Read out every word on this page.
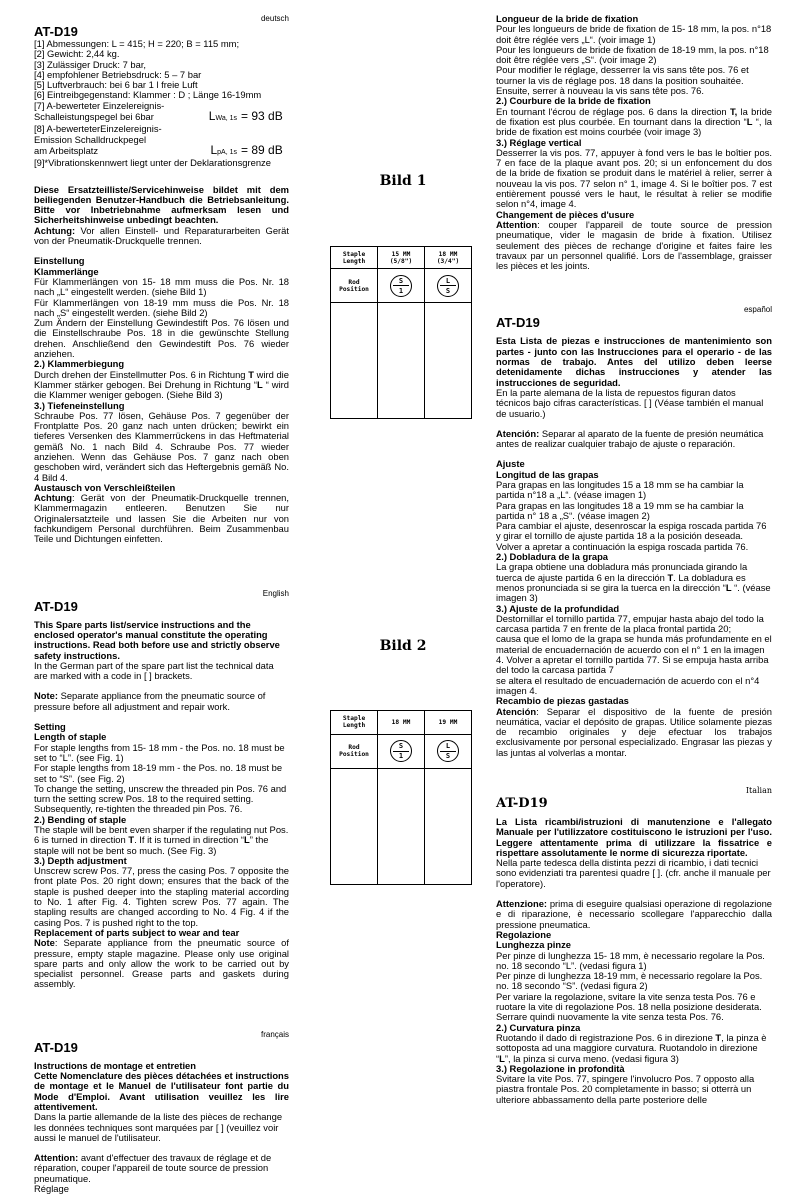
deutsch
AT-D19

[1] Abmessungen: L = 415; H = 220; B = 115 mm;

[2] Gewicht: 2,44 kg.

[3] Zulässiger Druck: 7 bar,

[4] empfohlener Betriebsdruck: 5 – 7 bar

[5] Luftverbrauch: bei 6 bar 1 l freie Luft

[6] Eintreibgegenstand: Klammer : D ; Länge 16-19mm

[7] A-bewerteter Einzelereignis-

Schalleistungspegel bei 6bar	$L_{Wa, 1s} = 93$ dB

[8] A-bewerteterEinzelereignis-

Emission Schalldruckpegel

am Arbeitsplatz	$L_{pA, 1s} = 89$ dB

[9]*Vibrationskennwert liegt unter der Deklarationsgrenze

Diese Ersatzteilliste/Servicehinweise bildet mit dem beiliegenden Benutzer-Handbuch die Betriebsanleitung. Bitte vor Inbetriebnahme aufmerksam lesen und Sicherheitshinweise unbedingt beachten.

Achtung: Vor allen Einstell- und Reparaturarbeiten Gerät von der Pneumatik-Druckquelle trennen.

Einstellung

Klammerlänge

Für Klammerlängen von 15- 18 mm muss die Pos. Nr. 18 nach „L“ eingestellt werden. (siehe Bild 1)

Für Klammerlängen von 18-19 mm muss die Pos. Nr. 18 nach „S“ eingestellt werden. (siehe Bild 2)

Zum Ändern der Einstellung Gewindestift Pos. 76 lösen und die Einstellschraube Pos. 18 in die gewünschte Stellung drehen. Anschließend den Gewindestift Pos. 76 wieder anziehen.

2.) Klammerbiegung

Durch drehen der Einstellmutter Pos. 6 in Richtung T wird die Klammer stärker gebogen. Bei Drehung in Richtung “L “ wird die Klammer weniger gebogen. (Siehe Bild 3)

3.) Tiefeneinstellung

Schraube Pos. 77 lösen, Gehäuse Pos. 7 gegenüber der Frontplatte Pos. 20 ganz nach unten drücken; bewirkt ein tieferes Versenken des Klammerrückens in das Heftmaterial gemäß No. 1 nach Bild 4. Schraube Pos. 77 wieder anziehen. Wenn das Gehäuse Pos. 7 ganz nach oben geschoben wird, verändert sich das Heftergebnis gemäß No. 4 Bild 4.

Austausch von Verschleißteilen

Achtung: Gerät von der Pneumatik-Druckquelle trennen, Klammermagazin entleeren. Benutzen Sie nur Originalersatzteile und lassen Sie die Arbeiten nur von fachkundigem Personal durchführen. Beim Zusammenbau Teile und Dichtungen einfetten.

English
AT-D19

This Spare parts list/service instructions and the enclosed operator's manual constitute the operating instructions. Read both before use and strictly observe safety instructions.

In the German part of the spare part list the technical data are marked with a code in [ ] brackets.

Note: Separate appliance from the pneumatic source of pressure before all adjustment and repair work.

Setting

Length of staple

For staple lengths from 15- 18 mm - the Pos. no. 18 must be set to “L”. (see Fig. 1)

For staple lengths from 18-19 mm - the Pos. no. 18 must be set to “S”. (see Fig. 2)

To change the setting, unscrew the threaded pin Pos. 76 and turn the setting screw Pos. 18 to the required setting. Subsequently, re-tighten the threaded pin Pos. 76.

2.) Bending of staple

The staple will be bent even sharper if the regulating nut Pos. 6 is turned in direction T. If it is turned in direction “L” the staple will not be bent so much. (See Fig. 3)

3.) Depth adjustment

Unscrew screw Pos. 77, press the casing Pos. 7 opposite the front plate Pos. 20 right down; ensures that the back of the staple is pushed deeper into the stapling material according to No. 1 after Fig. 4. Tighten screw Pos. 77 again. The stapling results are changed according to No. 4 Fig. 4 if the casing Pos. 7 is pushed right to the top.

Replacement of parts subject to wear and tear

Note: Separate appliance from the pneumatic source of pressure, empty staple magazine. Please only use original spare parts and only allow the work to be carried out by specialist personnel. Grease parts and gaskets during assembly.

français
AT-D19

Instructions de montage et entretien

Cette Nomenclature des pièces détachées et instructions de montage et le Manuel de l'utilisateur font partie du Mode d'Emploi. Avant utilisation veuillez les lire attentivement.

Dans la partie allemande de la liste des pièces de rechange les données techniques sont marquées par [ ] (veuillez voir aussi le manuel de l'utilisateur.

Attention: avant d'effectuer des travaux de réglage et de réparation, couper l'appareil de toute source de pression pneumatique.

Réglage

Bild 1
Staple Length	15 MM (5/8")	18 MM (3/4")
Rod Position	$\frac{S}{1}$	$\frac{L}{S}$

Bild 2
Staple Length	18 MM	19 MM
Rod Position	$\frac{S}{1}$	$\frac{L}{S}$

Longueur de la bride de fixation

Pour les longueurs de bride de fixation de 15- 18 mm, la pos. n°18 doit être réglée vers „L“. (voir image 1)

Pour les longueurs de bride de fixation de 18-19 mm, la pos. n°18 doit être réglée vers „S“. (voir image 2)

Pour modifier le réglage, desserrer la vis sans tête pos. 76 et tourner la vis de réglage pos. 18 dans la position souhaitée. Ensuite, serrer à nouveau la vis sans tête pos. 76.

2.) Courbure de la bride de fixation

En tournant l'écrou de réglage pos. 6 dans la direction T, la bride de fixation est plus courbée. En tournant dans la direction “L “, la bride de fixation est moins courbée (voir image 3)

3.) Réglage vertical

Desserrer la vis pos. 77, appuyer à fond vers le bas le boîtier pos. 7 en face de la plaque avant pos. 20; si un enfoncement du dos de la bride de fixation se produit dans le matériel à relier, serrer à nouveau la vis pos. 77 selon n° 1, image 4. Si le boîtier pos. 7 est entièrement poussé vers le haut, le résultat à relier se modifie selon n°4, image 4.

Changement de pièces d'usure

Attention: couper l'appareil de toute source de pression pneumatique, vider le magasin de bride à fixation. Utilisez seulement des pièces de rechange d'origine et faites faire les travaux par un personnel qualifié. Lors de l'assemblage, graisser les pièces et les joints.

español
AT-D19

Esta Lista de piezas e instrucciones de mantenimiento son partes - junto con las Instrucciones para el operario - de las normas de trabajo. Antes del utilizo deben leerse detenidamente dichas instrucciones y atender las instrucciones de seguridad.

En la parte alemana de la lista de repuestos figuran datos técnicos bajo cifras características. [ ] (Véase también el manual de usuario.)

Atención: Separar al aparato de la fuente de presión neumática antes de realizar cualquier trabajo de ajuste o reparación.

Ajuste

Longitud de las grapas

Para grapas en las longitudes 15 a 18 mm se ha cambiar la partida n°18 a „L“. (véase imagen 1)

Para grapas en las longitudes 18 a 19 mm se ha cambiar la partida n° 18 a „S“. (véase imagen 2)

Para cambiar el ajuste, desenroscar la espiga roscada partida 76 y girar el tornillo de ajuste partida 18 a la posición deseada.

Volver a apretar a continuación la espiga roscada partida 76.

2.) Dobladura de la grapa

La grapa obtiene una dobladura más pronunciada girando la tuerca de ajuste partida 6 en la dirección T. La dobladura es menos pronunciada si se gira la tuerca en la dirección “L “. (véase imagen 3)

3.) Ajuste de la profundidad

Destornillar el tornillo partida 77, empujar hasta abajo del todo la carcasa partida 7 en frente de la placa frontal partida 20;

causa que el lomo de la grapa se hunda más profundamente en el material de encuadernación de acuerdo con el n° 1 en la imagen 4. Volver a apretar el tornillo partida 77. Si se empuja hasta arriba del todo la carcasa partida 7

se altera el resultado de encuadernación de acuerdo con el n°4 imagen 4.

Recambio de piezas gastadas

Atención: Separar el dispositivo de la fuente de presión neumática, vaciar el depósito de grapas. Utilice solamente piezas de recambio originales y deje efectuar los trabajos exclusivamente por personal especializado. Engrasar las piezas y las juntas al volverlas a montar.

Italian
AT-D19

La Lista ricambi/istruzioni di manutenzione e l'allegato Manuale per l'utilizzatore costituiscono le istruzioni per l'uso. Leggere attentamente prima di utilizzare la fissatrice e rispettare assolutamente le norme di sicurezza riportate.

Nella parte tedesca della distinta pezzi di ricambio, i dati tecnici sono evidenziati tra parentesi quadre [ ]. (cfr. anche il manuale per l'operatore).

Attenzione: prima di eseguire qualsiasi operazione di regolazione e di riparazione, è necessario scollegare l'apparecchio dalla pressione pneumatica.

Regolazione

Lunghezza pinze

Per pinze di lunghezza 15- 18 mm, è necessario regolare la Pos. no. 18 secondo “L”. (vedasi figura 1)

Per pinze di lunghezza 18-19 mm, è necessario regolare la Pos. no. 18 secondo “S”. (vedasi figura 2)

Per variare la regolazione, svitare la vite senza testa Pos. 76 e ruotare la vite di regolazione Pos. 18 nella posizione desiderata. Serrare quindi nuovamente la vite senza testa Pos. 76.

2.) Curvatura pinza

Ruotando il dado di registrazione Pos. 6 in direzione T, la pinza è sottoposta ad una maggiore curvatura. Ruotandolo in direzione “L”, la pinza si curva meno. (vedasi figura 3)

3.) Regolazione in profondità

Svitare la vite Pos. 77, spingere l'involucro Pos. 7 opposto alla piastra frontale Pos. 20 completamente in basso; si otterrà un ulteriore abbassamento della parte posteriore delle
